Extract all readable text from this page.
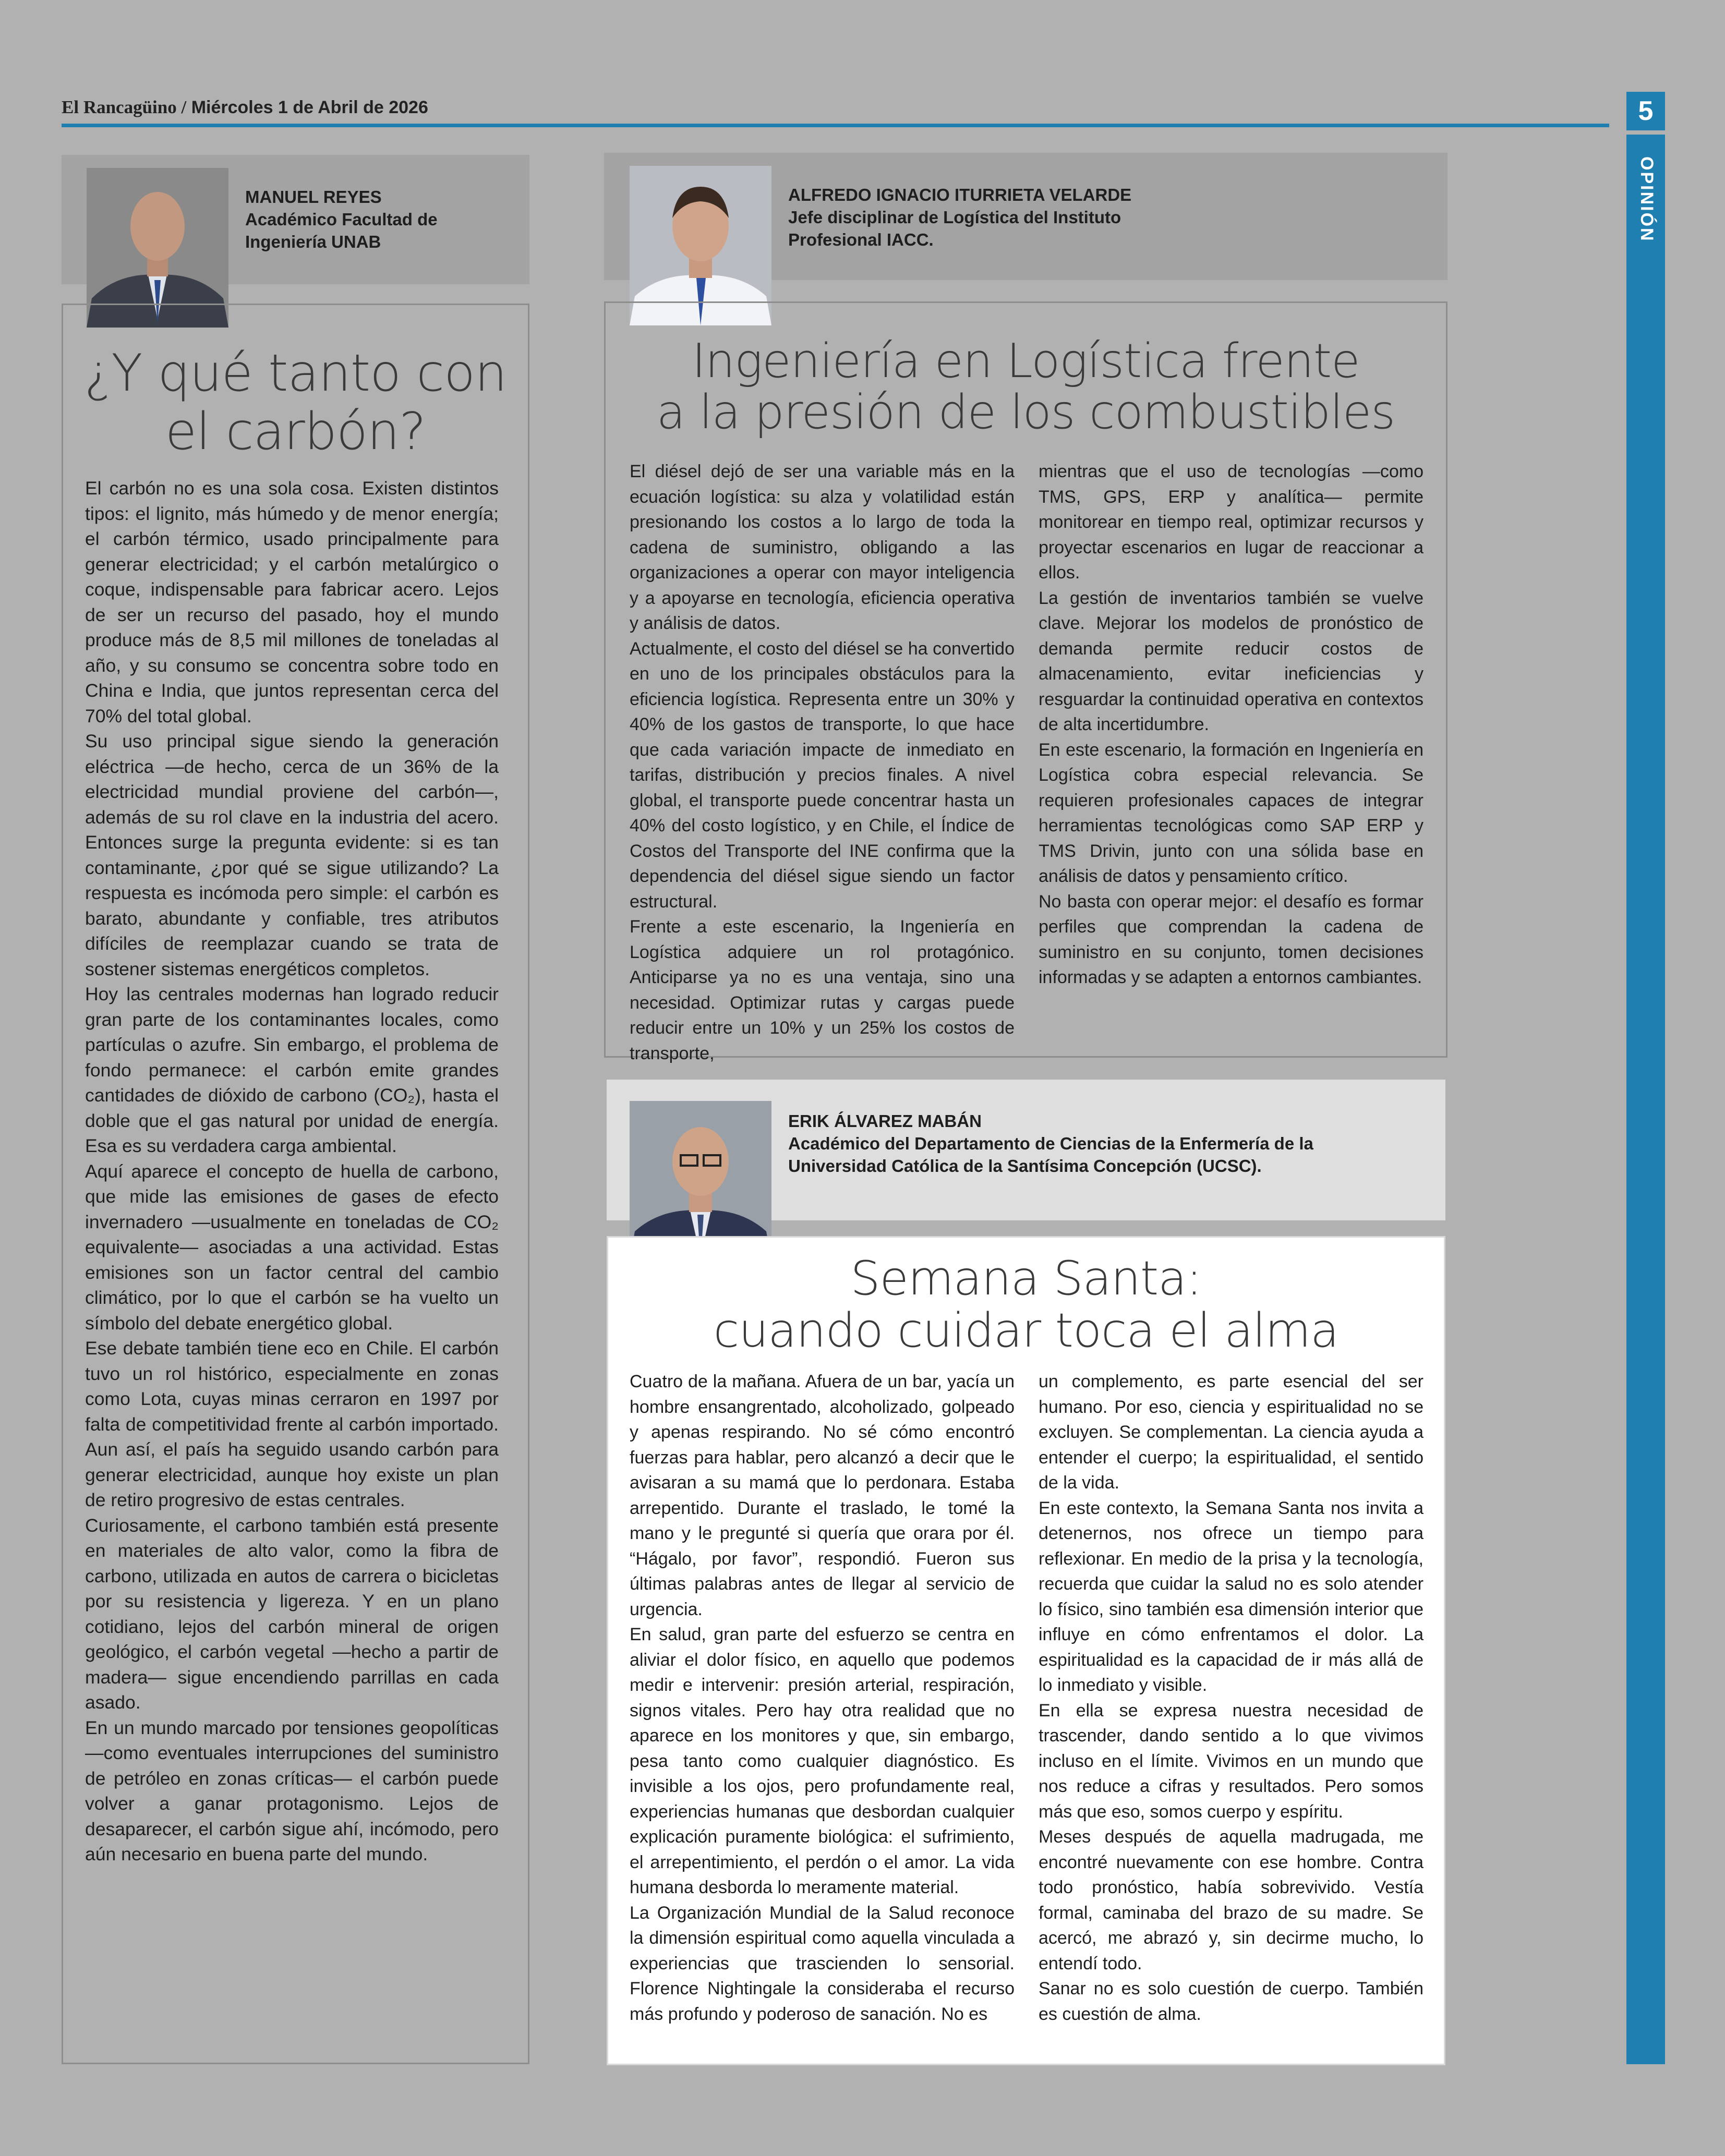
El Rancagüino / Miércoles 1 de Abril de 2026	5
OPINIÓN
MANUEL REYES
Académico Facultad de
Ingeniería UNAB
¿Y qué tanto con
el carbón?

El carbón no es una sola cosa. Existen distintos tipos: el lignito, más húmedo y de menor energía; el carbón térmico, usado principalmente para generar electricidad; y el carbón metalúrgico o coque, indispensable para fabricar acero. Lejos de ser un recurso del pasado, hoy el mundo produce más de 8,5 mil millones de toneladas al año, y su consumo se concentra sobre todo en China e India, que juntos representan cerca del 70% del total global.

Su uso principal sigue siendo la generación eléctrica —de hecho, cerca de un 36% de la electricidad mundial proviene del carbón—, además de su rol clave en la industria del acero. Entonces surge la pregunta evidente: si es tan contaminante, ¿por qué se sigue utilizando? La respuesta es incómoda pero simple: el carbón es barato, abundante y confiable, tres atributos difíciles de reemplazar cuando se trata de sostener sistemas energéticos completos.

Hoy las centrales modernas han logrado reducir gran parte de los contaminantes locales, como partículas o azufre. Sin embargo, el problema de fondo permanece: el carbón emite grandes cantidades de dióxido de carbono (CO₂), hasta el doble que el gas natural por unidad de energía. Esa es su verdadera carga ambiental.

Aquí aparece el concepto de huella de carbono, que mide las emisiones de gases de efecto invernadero —usualmente en toneladas de CO₂ equivalente— asociadas a una actividad. Estas emisiones son un factor central del cambio climático, por lo que el carbón se ha vuelto un símbolo del debate energético global.

Ese debate también tiene eco en Chile. El carbón tuvo un rol histórico, especialmente en zonas como Lota, cuyas minas cerraron en 1997 por falta de competitividad frente al carbón importado. Aun así, el país ha seguido usando carbón para generar electricidad, aunque hoy existe un plan de retiro progresivo de estas centrales.

Curiosamente, el carbono también está presente en materiales de alto valor, como la fibra de carbono, utilizada en autos de carrera o bicicletas por su resistencia y ligereza. Y en un plano cotidiano, lejos del carbón mineral de origen geológico, el carbón vegetal —hecho a partir de madera— sigue encendiendo parrillas en cada asado.

En un mundo marcado por tensiones geopolíticas —como eventuales interrupciones del suministro de petróleo en zonas críticas— el carbón puede volver a ganar protagonismo. Lejos de desaparecer, el carbón sigue ahí, incómodo, pero aún necesario en buena parte del mundo.

ALFREDO IGNACIO ITURRIETA VELARDE
Jefe disciplinar de Logística del Instituto
Profesional IACC.
Ingeniería en Logística frente
a la presión de los combustibles

El diésel dejó de ser una variable más en la ecuación logística: su alza y volatilidad están presionando los costos a lo largo de toda la cadena de suministro, obligando a las organizaciones a operar con mayor inteligencia y a apoyarse en tecnología, eficiencia operativa y análisis de datos.

Actualmente, el costo del diésel se ha convertido en uno de los principales obstáculos para la eficiencia logística. Representa entre un 30% y 40% de los gastos de transporte, lo que hace que cada variación impacte de inmediato en tarifas, distribución y precios finales. A nivel global, el transporte puede concentrar hasta un 40% del costo logístico, y en Chile, el Índice de Costos del Transporte del INE confirma que la dependencia del diésel sigue siendo un factor estructural.

Frente a este escenario, la Ingeniería en Logística adquiere un rol protagónico. Anticiparse ya no es una ventaja, sino una necesidad. Optimizar rutas y cargas puede reducir entre un 10% y un 25% los costos de transporte,

mientras que el uso de tecnologías —como TMS, GPS, ERP y analítica— permite monitorear en tiempo real, optimizar recursos y proyectar escenarios en lugar de reaccionar a ellos.

La gestión de inventarios también se vuelve clave. Mejorar los modelos de pronóstico de demanda permite reducir costos de almacenamiento, evitar ineficiencias y resguardar la continuidad operativa en contextos de alta incertidumbre.

En este escenario, la formación en Ingeniería en Logística cobra especial relevancia. Se requieren profesionales capaces de integrar herramientas tecnológicas como SAP ERP y TMS Drivin, junto con una sólida base en análisis de datos y pensamiento crítico.

No basta con operar mejor: el desafío es formar perfiles que comprendan la cadena de suministro en su conjunto, tomen decisiones informadas y se adapten a entornos cambiantes.

ERIK ÁLVAREZ MABÁN
Académico del Departamento de Ciencias de la Enfermería de la
Universidad Católica de la Santísima Concepción (UCSC).
Semana Santa:
cuando cuidar toca el alma

Cuatro de la mañana. Afuera de un bar, yacía un hombre ensangrentado, alcoholizado, golpeado y apenas respirando. No sé cómo encontró fuerzas para hablar, pero alcanzó a decir que le avisaran a su mamá que lo perdonara. Estaba arrepentido. Durante el traslado, le tomé la mano y le pregunté si quería que orara por él. “Hágalo, por favor”, respondió. Fueron sus últimas palabras antes de llegar al servicio de urgencia.

En salud, gran parte del esfuerzo se centra en aliviar el dolor físico, en aquello que podemos medir e intervenir: presión arterial, respiración, signos vitales. Pero hay otra realidad que no aparece en los monitores y que, sin embargo, pesa tanto como cualquier diagnóstico. Es invisible a los ojos, pero profundamente real, experiencias humanas que desbordan cualquier explicación puramente biológica: el sufrimiento, el arrepentimiento, el perdón o el amor. La vida humana desborda lo meramente material.

La Organización Mundial de la Salud reconoce la dimensión espiritual como aquella vinculada a experiencias que trascienden lo sensorial. Florence Nightingale la consideraba el recurso más profundo y poderoso de sanación. No es

un complemento, es parte esencial del ser humano. Por eso, ciencia y espiritualidad no se excluyen. Se complementan. La ciencia ayuda a entender el cuerpo; la espiritualidad, el sentido de la vida.

En este contexto, la Semana Santa nos invita a detenernos, nos ofrece un tiempo para reflexionar. En medio de la prisa y la tecnología, recuerda que cuidar la salud no es solo atender lo físico, sino también esa dimensión interior que influye en cómo enfrentamos el dolor. La espiritualidad es la capacidad de ir más allá de lo inmediato y visible.

En ella se expresa nuestra necesidad de trascender, dando sentido a lo que vivimos incluso en el límite. Vivimos en un mundo que nos reduce a cifras y resultados. Pero somos más que eso, somos cuerpo y espíritu.

Meses después de aquella madrugada, me encontré nuevamente con ese hombre. Contra todo pronóstico, había sobrevivido. Vestía formal, caminaba del brazo de su madre. Se acercó, me abrazó y, sin decirme mucho, lo entendí todo.

Sanar no es solo cuestión de cuerpo. También es cuestión de alma.
